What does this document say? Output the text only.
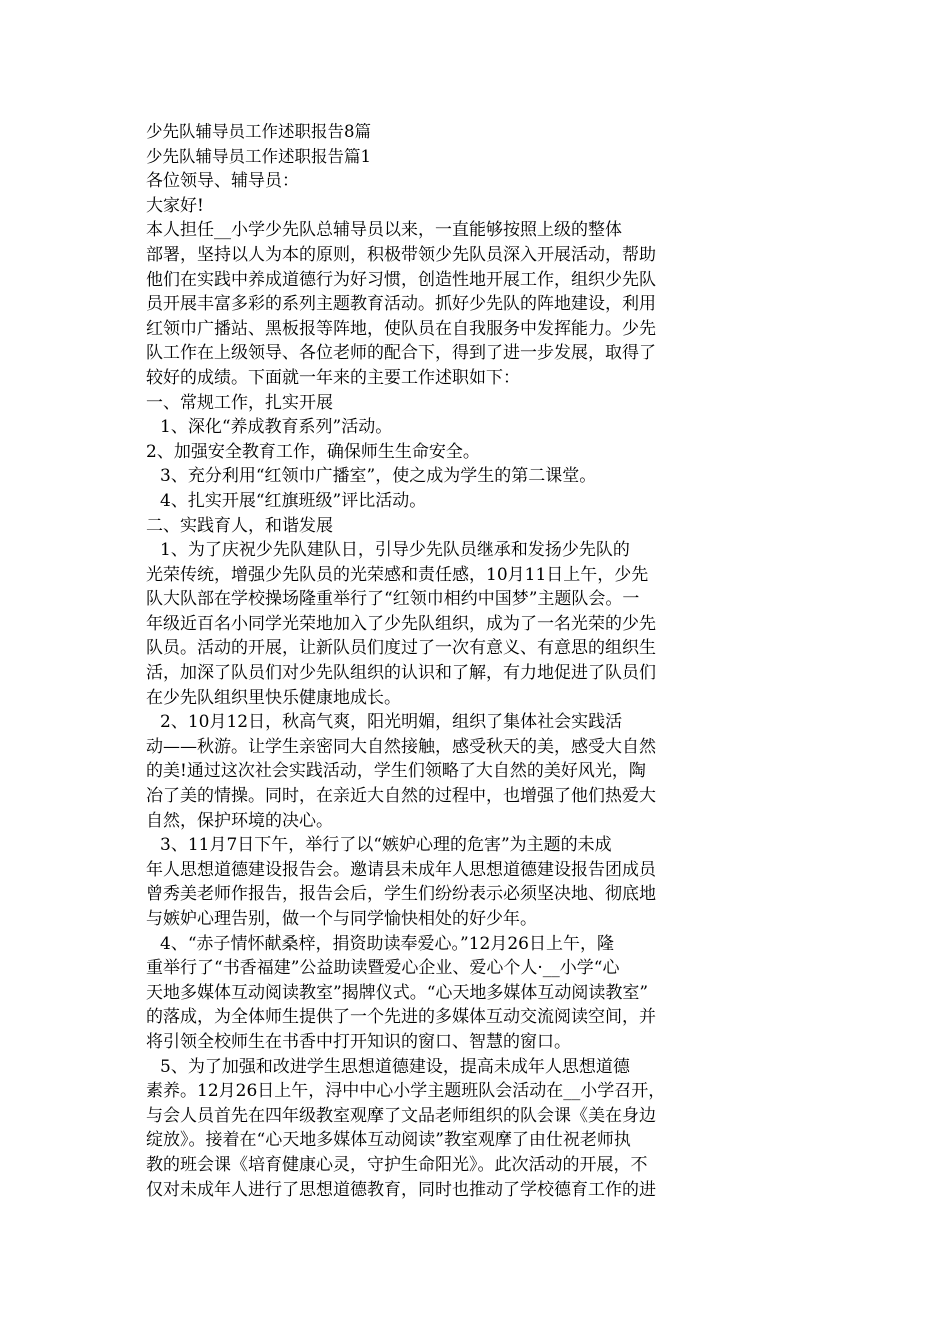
少先队辅导员工作述职报告8篇

少先队辅导员工作述职报告篇1

各位领导、辅导员：

大家好!

本人担任__小学少先队总辅导员以来，一直能够按照上级的整体

部署，坚持以人为本的原则，积极带领少先队员深入开展活动，帮助

他们在实践中养成道德行为好习惯，创造性地开展工作，组织少先队

员开展丰富多彩的系列主题教育活动。抓好少先队的阵地建设，利用

红领巾广播站、黑板报等阵地，使队员在自我服务中发挥能力。少先

队工作在上级领导、各位老师的配合下，得到了进一步发展，取得了

较好的成绩。下面就一年来的主要工作述职如下：

一、常规工作，扎实开展

1、深化“养成教育系列”活动。

2、加强安全教育工作，确保师生生命安全。

3、充分利用“红领巾广播室”，使之成为学生的第二课堂。

4、扎实开展“红旗班级”评比活动。

二、实践育人，和谐发展

1、为了庆祝少先队建队日，引导少先队员继承和发扬少先队的

光荣传统，增强少先队员的光荣感和责任感，10月11日上午，少先

队大队部在学校操场隆重举行了“红领巾相约中国梦”主题队会。一

年级近百名小同学光荣地加入了少先队组织，成为了一名光荣的少先

队员。活动的开展，让新队员们度过了一次有意义、有意思的组织生

活，加深了队员们对少先队组织的认识和了解，有力地促进了队员们

在少先队组织里快乐健康地成长。

2、10月12日，秋高气爽，阳光明媚，组织了集体社会实践活

动——秋游。让学生亲密同大自然接触，感受秋天的美，感受大自然

的美!通过这次社会实践活动，学生们领略了大自然的美好风光，陶

冶了美的情操。同时，在亲近大自然的过程中，也增强了他们热爱大

自然，保护环境的决心。

3、11月7日下午，举行了以“嫉妒心理的危害”为主题的未成

年人思想道德建设报告会。邀请县未成年人思想道德建设报告团成员

曾秀美老师作报告，报告会后，学生们纷纷表示必须坚决地、彻底地

与嫉妒心理告别，做一个与同学愉快相处的好少年。

4、“赤子情怀献桑梓，捐资助读奉爱心。”12月26日上午，隆

重举行了“书香福建”公益助读暨爱心企业、爱心个人·__小学“心

天地多媒体互动阅读教室”揭牌仪式。“心天地多媒体互动阅读教室”

的落成，为全体师生提供了一个先进的多媒体互动交流阅读空间，并

将引领全校师生在书香中打开知识的窗口、智慧的窗口。

5、为了加强和改进学生思想道德建设，提高未成年人思想道德

素养。12月26日上午，浔中中心小学主题班队会活动在__小学召开，

与会人员首先在四年级教室观摩了文品老师组织的队会课《美在身边

绽放》。接着在“心天地多媒体互动阅读”教室观摩了由仕祝老师执

教的班会课《培育健康心灵，守护生命阳光》。此次活动的开展，不

仅对未成年人进行了思想道德教育，同时也推动了学校德育工作的进
